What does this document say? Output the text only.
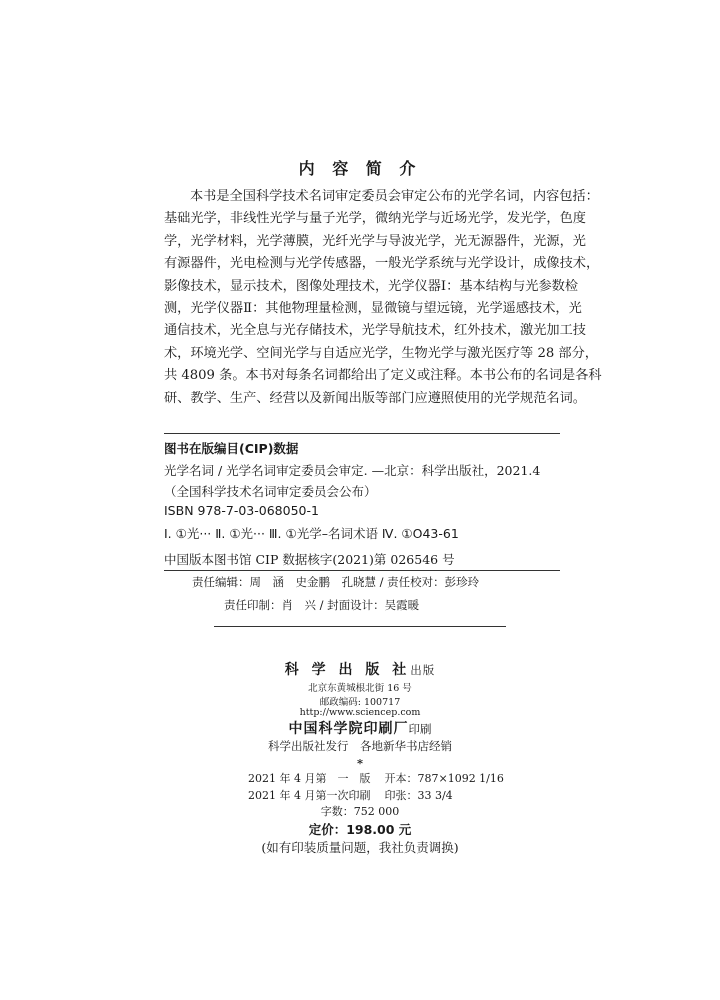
内 容 简 介
本书是全国科学技术名词审定委员会审定公布的光学名词，内容包括：
基础光学，非线性光学与量子光学，微纳光学与近场光学，发光学，色度
学，光学材料，光学薄膜，光纤光学与导波光学，光无源器件，光源，光
有源器件，光电检测与光学传感器，一般光学系统与光学设计，成像技术，
影像技术，显示技术，图像处理技术，光学仪器Ⅰ：基本结构与光参数检
测，光学仪器Ⅱ：其他物理量检测，显微镜与望远镜，光学遥感技术，光
通信技术，光全息与光存储技术，光学导航技术，红外技术，激光加工技
术，环境光学、空间光学与自适应光学，生物光学与激光医疗等 28 部分，
共 4809 条。本书对每条名词都给出了定义或注释。本书公布的名词是各科
研、教学、生产、经营以及新闻出版等部门应遵照使用的光学规范名词。
图书在版编目(CIP)数据
光学名词 / 光学名词审定委员会审定. —北京：科学出版社，2021.4
（全国科学技术名词审定委员会公布）
ISBN 978-7-03-068050-1
Ⅰ. ①光··· Ⅱ. ①光··· Ⅲ. ①光学–名词术语 Ⅳ. ①O43-61
中国版本图书馆 CIP 数据核字(2021)第 026546 号
责任编辑：周　涵　史金鹏　孔晓慧 / 责任校对：彭珍玲
责任印制：肖　兴 / 封面设计：吴霞暖
科 学 出 版 社出版
北京东黄城根北街 16 号
邮政编码: 100717
http://www.sciencep.com
中国科学院印刷厂印刷
科学出版社发行　各地新华书店经销
*
2021 年 4 月第　一　版 开本：787×1092 1/16
2021 年 4 月第一次印刷 印张：33 3/4
字数：752 000
定价：198.00 元
(如有印装质量问题，我社负责调换)
